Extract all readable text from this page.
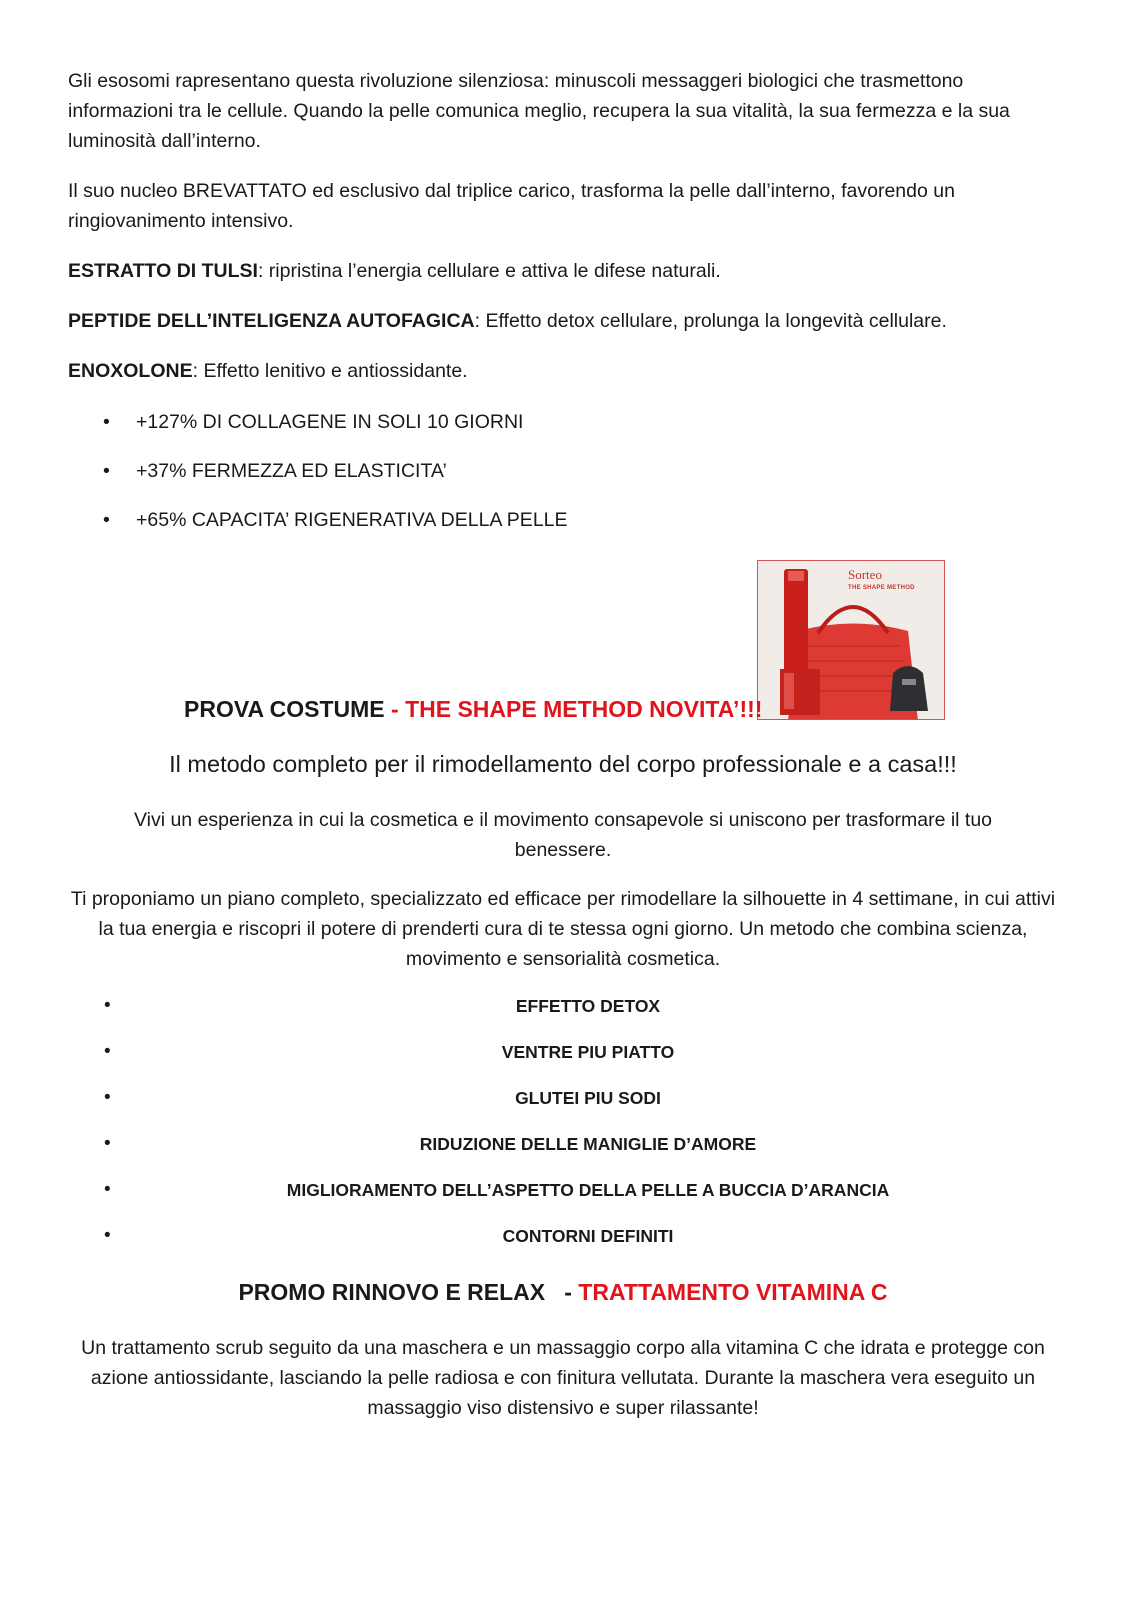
Gli esosomi rapresentano questa rivoluzione silenziosa: minuscoli messaggeri biologici che trasmettono informazioni tra le cellule. Quando la pelle comunica meglio, recupera la sua vitalità, la sua fermezza e la sua luminosità dall’interno.

Il suo nucleo BREVATTATO ed esclusivo dal triplice carico, trasforma la pelle dall’interno, favorendo un ringiovanimento intensivo.

ESTRATTO DI TULSI: ripristina l’energia cellulare e attiva le difese naturali.

PEPTIDE DELL’INTELIGENZA AUTOFAGICA: Effetto detox cellulare, prolunga la longevità cellulare.

ENOXOLONE: Effetto lenitivo e antiossidante.

• +127% DI COLLAGENE IN SOLI 10 GIORNI
• +37% FERMEZZA ED ELASTICITA’
• +65% CAPACITA’ RIGENERATIVA DELLA PELLE
Sorteo
THE SHAPE METHOD

PROVA COSTUME - THE SHAPE METHOD NOVITA’!!!

Il metodo completo per il rimodellamento del corpo professionale e a casa!!!

Vivi un esperienza in cui la cosmetica e il movimento consapevole si uniscono per trasformare il tuo benessere.

Ti proponiamo un piano completo, specializzato ed efficace per rimodellare la silhouette in 4 settimane, in cui attivi la tua energia e riscopri il potere di prenderti cura di te stessa ogni giorno. Un metodo che combina scienza, movimento e sensorialità cosmetica.

•	EFFETTO DETOX
•	VENTRE PIU PIATTO
•	GLUTEI PIU SODI
•	RIDUZIONE DELLE MANIGLIE D’AMORE
•	MIGLIORAMENTO DELL’ASPETTO DELLA PELLE A BUCCIA D’ARANCIA
•	CONTORNI DEFINITI

PROMO RINNOVO E RELAX   - TRATTAMENTO VITAMINA C

Un trattamento scrub seguito da una maschera e un massaggio corpo alla vitamina C che idrata e protegge con azione antiossidante, lasciando la pelle radiosa e con finitura vellutata. Durante la maschera vera eseguito un massaggio viso distensivo e super rilassante!
